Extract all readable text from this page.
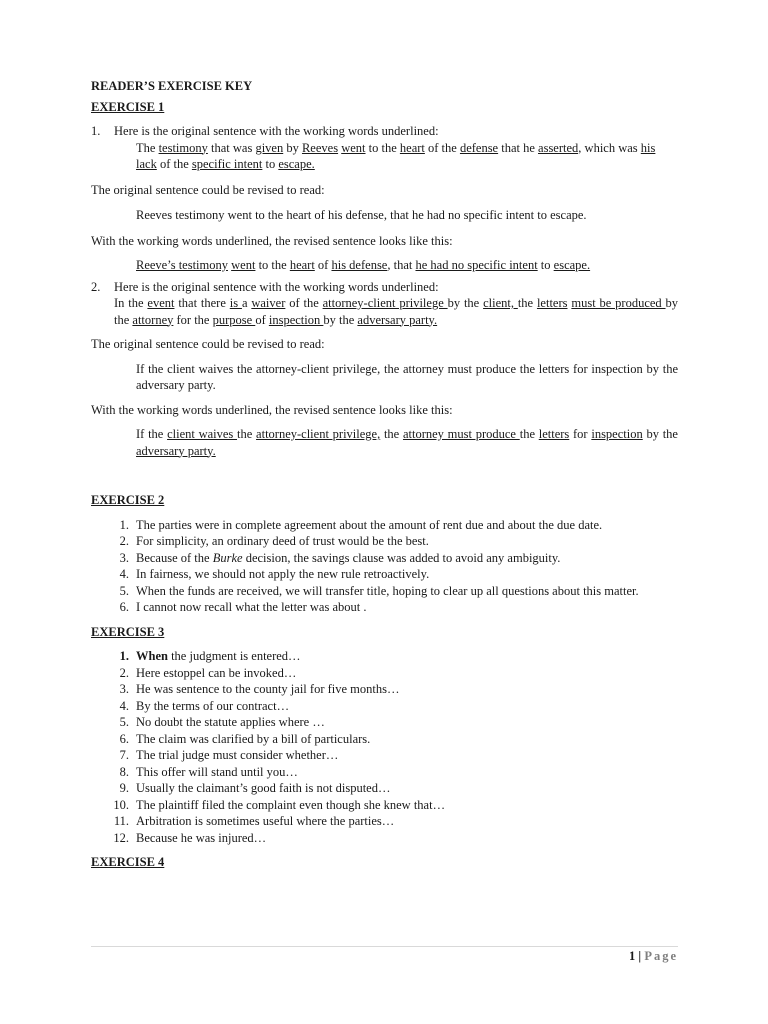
READER’S EXERCISE KEY

EXERCISE 1

1.	Here is the original sentence with the working words underlined:

The testimony that was given by Reeves went to the heart of the defense that he asserted, which was his lack of the specific intent to escape.

The original sentence could be revised to read:

Reeves testimony went to the heart of his defense, that he had no specific intent to escape.

With the working words underlined, the revised sentence looks like this:

Reeve’s testimony went to the heart of his defense, that he had no specific intent to escape.

2.	Here is the original sentence with the working words underlined:

In the event that there is a waiver of the attorney-client privilege by the client, the letters must be produced by the attorney for the purpose of inspection by the adversary party.

The original sentence could be revised to read:

If the client waives the attorney-client privilege, the attorney must produce the letters for inspection by the adversary party.

With the working words underlined, the revised sentence looks like this:

If the client waives the attorney-client privilege, the attorney must produce the letters for inspection by the adversary party.

EXERCISE 2

1. The parties were in complete agreement about the amount of rent due and about the due date.
2. For simplicity, an ordinary deed of trust would be the best.
3. Because of the Burke decision, the savings clause was added to avoid any ambiguity.
4. In fairness, we should not apply the new rule retroactively.
5. When the funds are received, we will transfer title, hoping to clear up all questions about this matter.
6. I cannot now recall what the letter was about .

EXERCISE 3

1. When the judgment is entered…
2. Here estoppel can be invoked…
3. He was sentence to the county jail for five months…
4. By the terms of our contract…
5. No doubt the statute applies where …
6. The claim was clarified by a bill of particulars.
7. The trial judge must consider whether…
8. This offer will stand until you…
9. Usually the claimant’s good faith is not disputed…
10. The plaintiff filed the complaint even though she knew that…
11. Arbitration is sometimes useful where the parties…
12. Because he was injured…

EXERCISE 4

1 | Page
